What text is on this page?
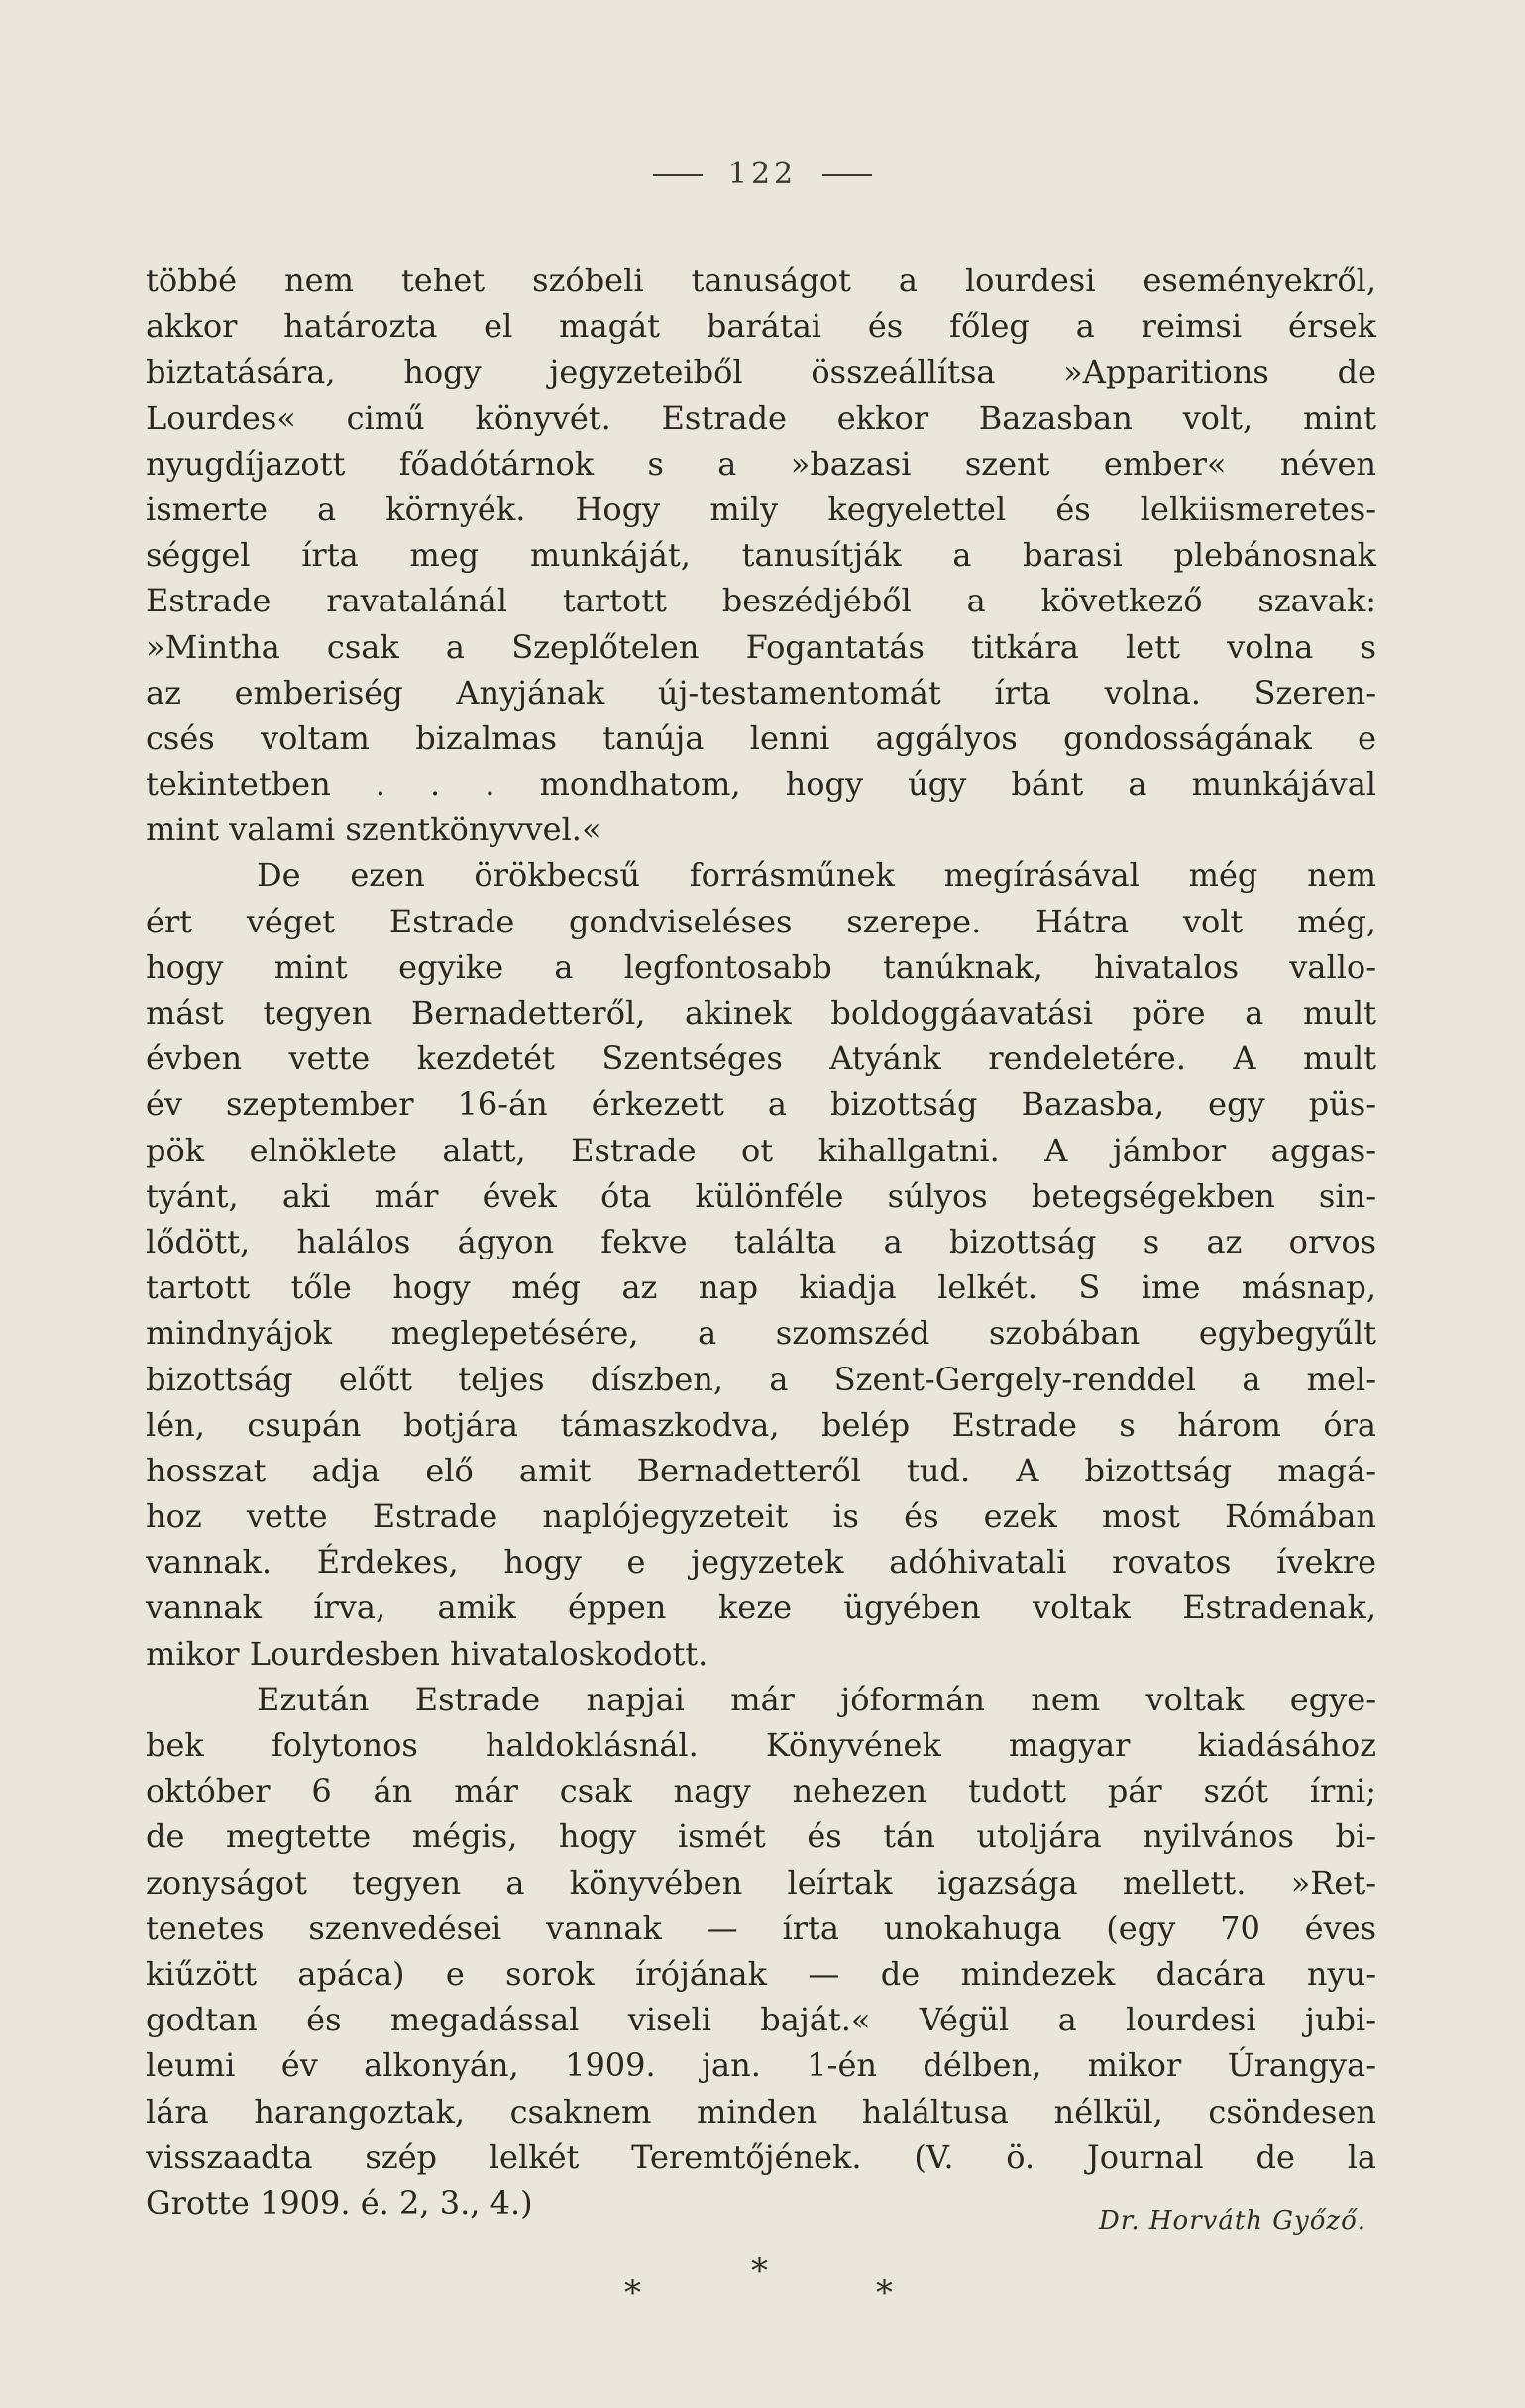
122
többé nem tehet szóbeli tanuságot a lourdesi eseményekről,
akkor határozta el magát barátai és főleg a reimsi érsek
biztatására, hogy jegyzeteiből összeállítsa »Apparitions de
Lourdes« cimű könyvét. Estrade ekkor Bazasban volt, mint
nyugdíjazott főadótárnok s a »bazasi szent ember« néven
ismerte a környék. Hogy mily kegyelettel és lelkiismeretes-
séggel írta meg munkáját, tanusítják a barasi plebánosnak
Estrade ravatalánál tartott beszédjéből a következő szavak:
»Mintha csak a Szeplőtelen Fogantatás titkára lett volna s
az emberiség Anyjának új-testamentomát írta volna. Szeren-
csés voltam bizalmas tanúja lenni aggályos gondosságának e
tekintetben . . . mondhatom, hogy úgy bánt a munkájával
mint valami szentkönyvvel.«
De ezen örökbecsű forrásműnek megírásával még nem
ért véget Estrade gondviseléses szerepe. Hátra volt még,
hogy mint egyike a legfontosabb tanúknak, hivatalos vallo-
mást tegyen Bernadetteről, akinek boldoggáavatási pöre a mult
évben vette kezdetét Szentséges Atyánk rendeletére. A mult
év szeptember 16-án érkezett a bizottság Bazasba, egy püs-
pök elnöklete alatt, Estrade ot kihallgatni. A jámbor aggas-
tyánt, aki már évek óta különféle súlyos betegségekben sin-
lődött, halálos ágyon fekve találta a bizottság s az orvos
tartott tőle hogy még az nap kiadja lelkét. S ime másnap,
mindnyájok meglepetésére, a szomszéd szobában egybegyűlt
bizottság előtt teljes díszben, a Szent-Gergely-renddel a mel-
lén, csupán botjára támaszkodva, belép Estrade s három óra
hosszat adja elő amit Bernadetteről tud. A bizottság magá-
hoz vette Estrade naplójegyzeteit is és ezek most Rómában
vannak. Érdekes, hogy e jegyzetek adóhivatali rovatos ívekre
vannak írva, amik éppen keze ügyében voltak Estradenak,
mikor Lourdesben hivataloskodott.
Ezután Estrade napjai már jóformán nem voltak egye-
bek folytonos haldoklásnál. Könyvének magyar kiadásához
október 6 án már csak nagy nehezen tudott pár szót írni;
de megtette mégis, hogy ismét és tán utoljára nyilvános bi-
zonyságot tegyen a könyvében leírtak igazsága mellett. »Ret-
tenetes szenvedései vannak — írta unokahuga (egy 70 éves
kiűzött apáca) e sorok írójának — de mindezek dacára nyu-
godtan és megadással viseli baját.« Végül a lourdesi jubi-
leumi év alkonyán, 1909. jan. 1-én délben, mikor Úrangya-
lára harangoztak, csaknem minden haláltusa nélkül, csöndesen
visszaadta szép lelkét Teremtőjének. (V. ö. Journal de la
Grotte 1909. é. 2, 3., 4.)	Dr. Horváth Győző.
*
*
*
